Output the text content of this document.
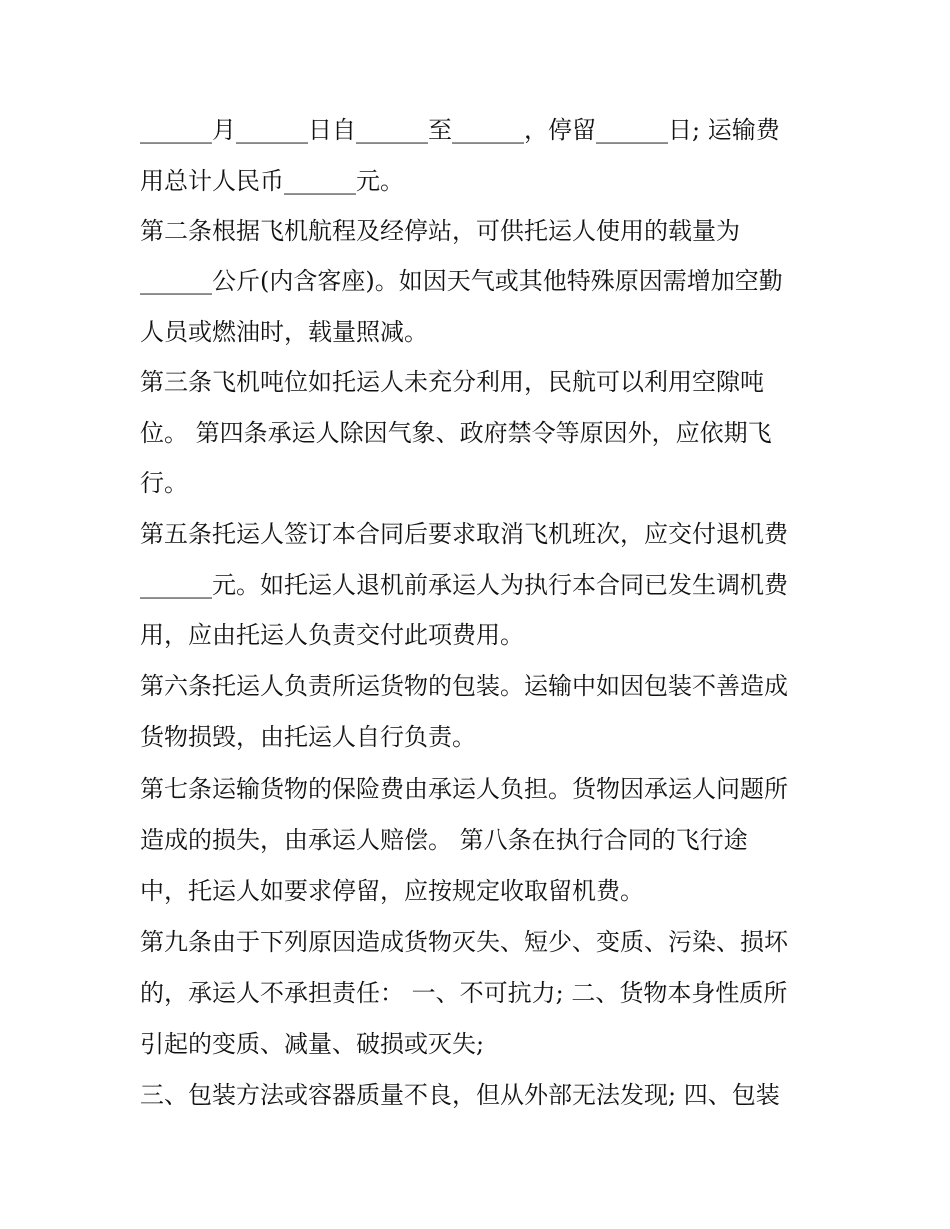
______月______日自______至______，停留______日; 运输费

用总计人民币______元。

第二条根据飞机航程及经停站，可供托运人使用的载量为

______公斤(内含客座)。如因天气或其他特殊原因需增加空勤

人员或燃油时，载量照减。

第三条飞机吨位如托运人未充分利用，民航可以利用空隙吨

位。 第四条承运人除因气象、政府禁令等原因外，应依期飞

行。

第五条托运人签订本合同后要求取消飞机班次，应交付退机费

______元。如托运人退机前承运人为执行本合同已发生调机费

用，应由托运人负责交付此项费用。

第六条托运人负责所运货物的包装。运输中如因包装不善造成

货物损毁，由托运人自行负责。

第七条运输货物的保险费由承运人负担。货物因承运人问题所

造成的损失，由承运人赔偿。 第八条在执行合同的飞行途

中，托运人如要求停留，应按规定收取留机费。

第九条由于下列原因造成货物灭失、短少、变质、污染、损坏

的，承运人不承担责任： 一、不可抗力; 二、货物本身性质所

引起的变质、减量、破损或灭失;

三、包装方法或容器质量不良，但从外部无法发现; 四、包装
